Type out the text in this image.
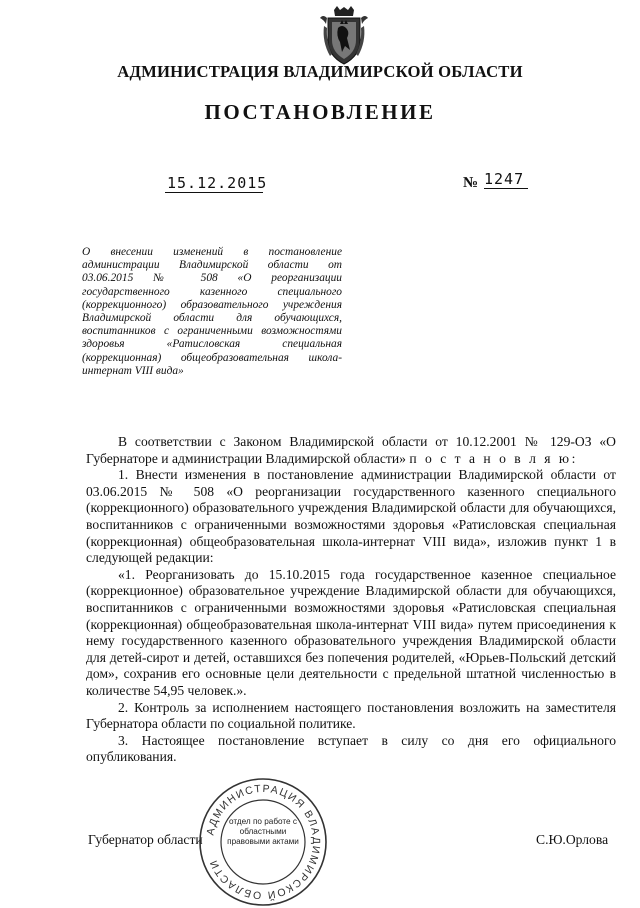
АДМИНИСТРАЦИЯ ВЛАДИМИРСКОЙ ОБЛАСТИ
ПОСТАНОВЛЕНИЕ
15.12.2015	№ 1247
О внесении изменений в постановление администрации Владимирской области от 03.06.2015 № 508 «О реорганизации государственного казенного специального (коррекционного) образовательного учреждения Владимирской области для обучающихся, воспитанников с ограниченными возможностями здоровья «Ратисловская специальная (коррекционная) общеобразовательная школа-интернат VIII вида»

В соответствии с Законом Владимирской области от 10.12.2001 № 129-ОЗ «О Губернаторе и администрации Владимирской области» п о с т а н о в л я ю:

1. Внести изменения в постановление администрации Владимирской области от 03.06.2015 № 508 «О реорганизации государственного казенного специального (коррекционного) образовательного учреждения Владимирской области для обучающихся, воспитанников с ограниченными возможностями здоровья «Ратисловская специальная (коррекционная) общеобразовательная школа-интернат VIII вида», изложив пункт 1 в следующей редакции:

«1. Реорганизовать до 15.10.2015 года государственное казенное специальное (коррекционное) образовательное учреждение Владимирской области для обучающихся, воспитанников с ограниченными возможностями здоровья «Ратисловская специальная (коррекционная) общеобразовательная школа-интернат VIII вида» путем присоединения к нему государственного казенного образовательного учреждения Владимирской области для детей-сирот и детей, оставшихся без попечения родителей, «Юрьев-Польский детский дом», сохранив его основные цели деятельности с предельной штатной численностью в количестве 54,95 человек.».

2. Контроль за исполнением настоящего постановления возложить на заместителя Губернатора области по социальной политике.

3. Настоящее постановление вступает в силу со дня его официального опубликования.

Губернатор области	С.Ю.Орлова
АДМИНИСТРАЦИЯ ВЛАДИМИРСКОЙ ОБЛАСТИ
отдел по работе с областными правовыми актами
